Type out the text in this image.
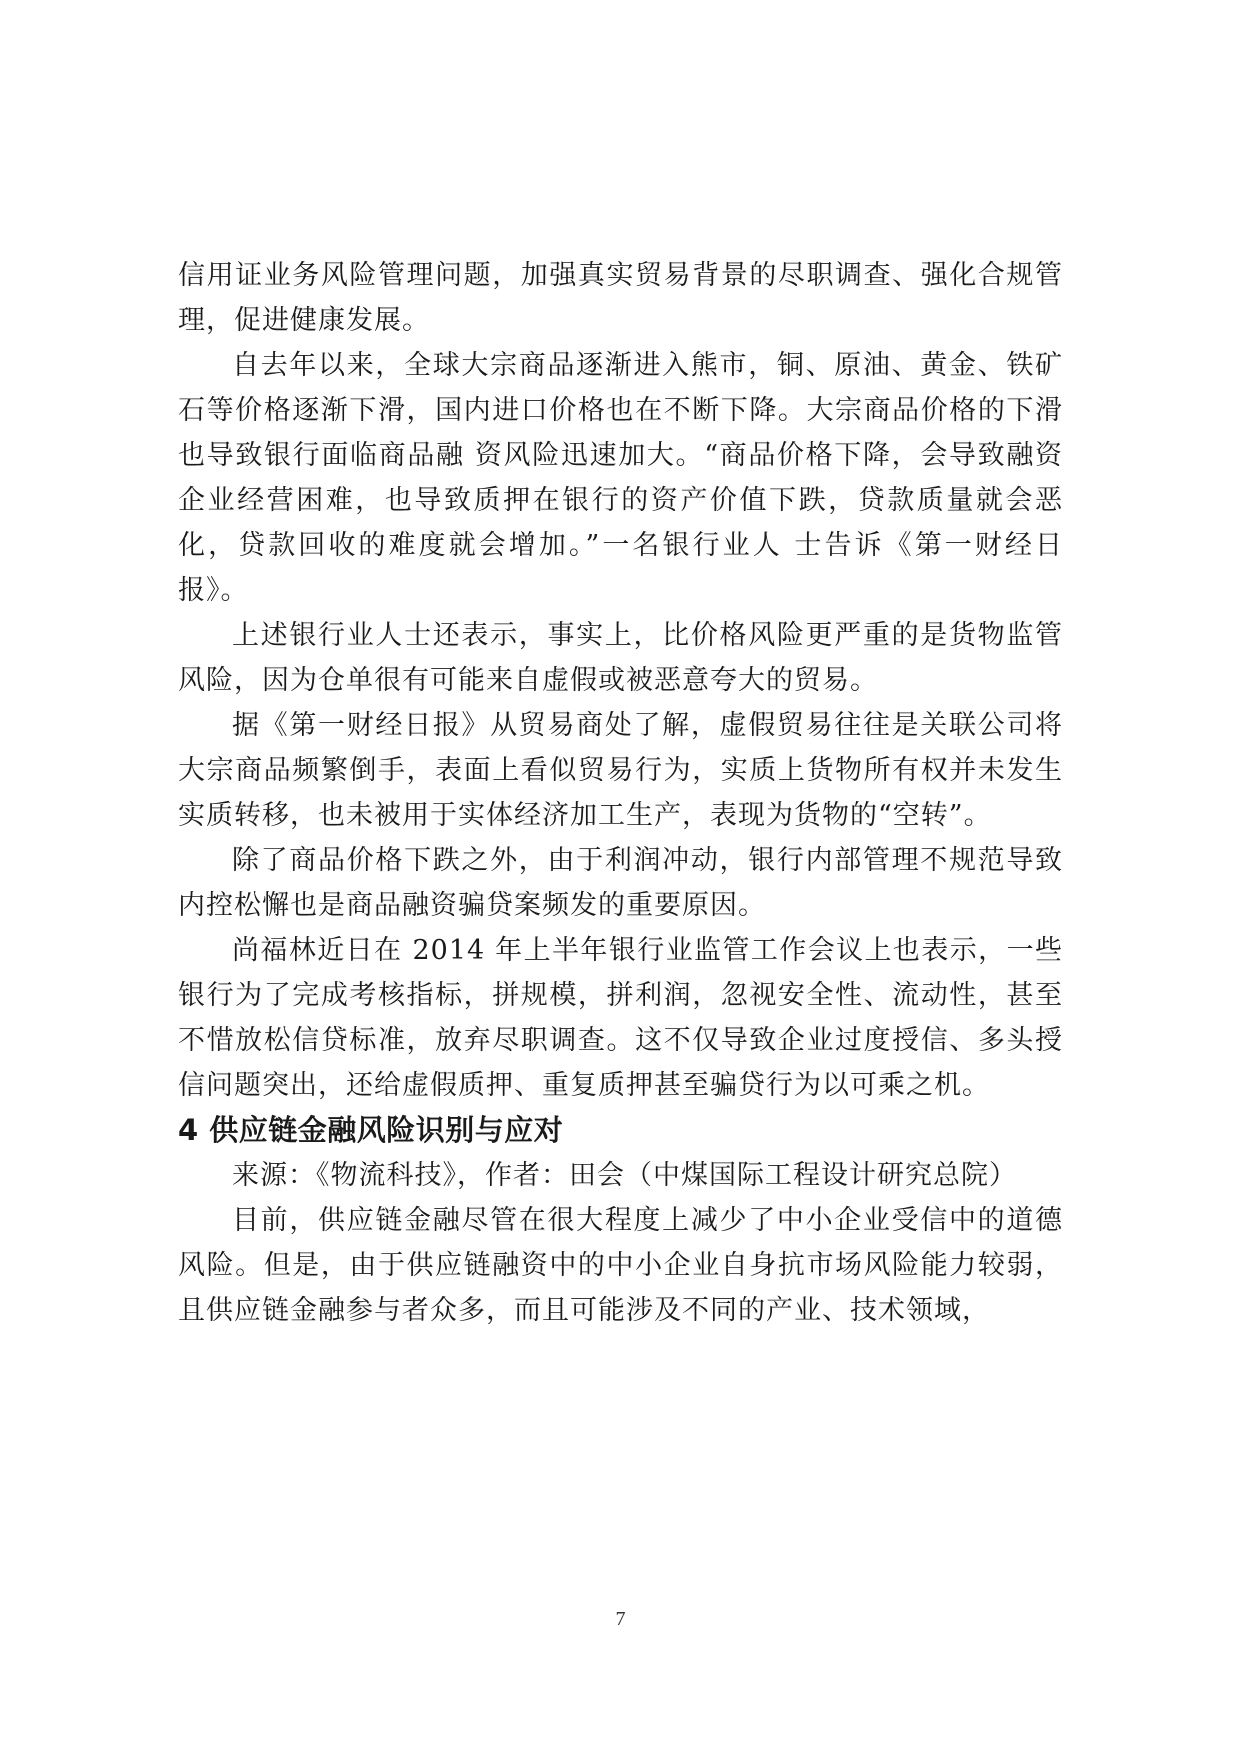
信用证业务风险管理问题，加强真实贸易背景的尽职调查、强化合规管理，促进健康发展。

自去年以来，全球大宗商品逐渐进入熊市，铜、原油、黄金、铁矿石等价格逐渐下滑，国内进口价格也在不断下降。大宗商品价格的下滑也导致银行面临商品融 资风险迅速加大。“商品价格下降，会导致融资企业经营困难，也导致质押在银行的资产价值下跌，贷款质量就会恶化，贷款回收的难度就会增加。”一名银行业人 士告诉《第一财经日报》。

上述银行业人士还表示，事实上，比价格风险更严重的是货物监管风险，因为仓单很有可能来自虚假或被恶意夸大的贸易。

据《第一财经日报》从贸易商处了解，虚假贸易往往是关联公司将大宗商品频繁倒手，表面上看似贸易行为，实质上货物所有权并未发生实质转移，也未被用于实体经济加工生产，表现为货物的“空转”。

除了商品价格下跌之外，由于利润冲动，银行内部管理不规范导致内控松懈也是商品融资骗贷案频发的重要原因。

尚福林近日在 2014 年上半年银行业监管工作会议上也表示，一些银行为了完成考核指标，拼规模，拼利润，忽视安全性、流动性，甚至不惜放松信贷标准，放弃尽职调查。这不仅导致企业过度授信、多头授信问题突出，还给虚假质押、重复质押甚至骗贷行为以可乘之机。

4 供应链金融风险识别与应对

来源：《物流科技》，作者：田会（中煤国际工程设计研究总院）

目前，供应链金融尽管在很大程度上减少了中小企业受信中的道德风险。但是，由于供应链融资中的中小企业自身抗市场风险能力较弱，且供应链金融参与者众多，而且可能涉及不同的产业、技术领域，

7
